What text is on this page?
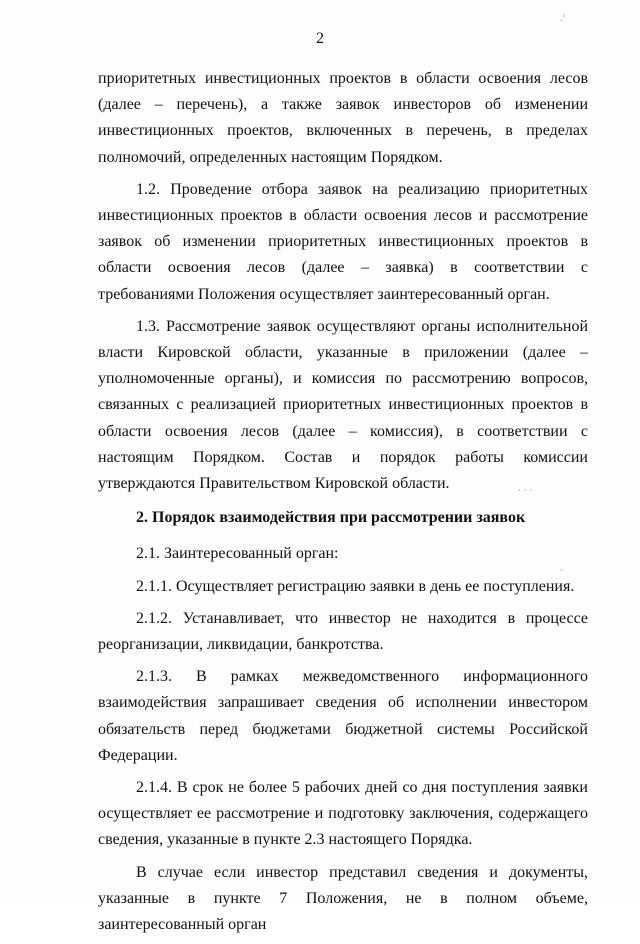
2

приоритетных инвестиционных проектов в области освоения лесов (далее – перечень), а также заявок инвесторов об изменении инвестиционных проектов, включенных в перечень, в пределах полномочий, определенных настоящим Порядком.

1.2. Проведение отбора заявок на реализацию приоритетных инвестиционных проектов в области освоения лесов и рассмотрение заявок об изменении приоритетных инвестиционных проектов в области освоения лесов (далее – заявка) в соответствии с требованиями Положения осуществляет заинтересованный орган.

1.3. Рассмотрение заявок осуществляют органы исполнительной власти Кировской области, указанные в приложении (далее – уполномоченные органы), и комиссия по рассмотрению вопросов, связанных с реализацией приоритетных инвестиционных проектов в области освоения лесов (далее – комиссия), в соответствии с настоящим Порядком. Состав и порядок работы комиссии утверждаются Правительством Кировской области.

2. Порядок взаимодействия при рассмотрении заявок

2.1. Заинтересованный орган:

2.1.1. Осуществляет регистрацию заявки в день ее поступления.

2.1.2. Устанавливает, что инвестор не находится в процессе реорганизации, ликвидации, банкротства.

2.1.3. В рамках межведомственного информационного взаимодействия запрашивает сведения об исполнении инвестором обязательств перед бюджетами бюджетной системы Российской Федерации.

2.1.4. В срок не более 5 рабочих дней со дня поступления заявки осуществляет ее рассмотрение и подготовку заключения, содержащего сведения, указанные в пункте 2.3 настоящего Порядка.

В случае если инвестор представил сведения и документы, указанные в пункте 7 Положения, не в полном объеме, заинтересованный орган

.'
· · ·
·
